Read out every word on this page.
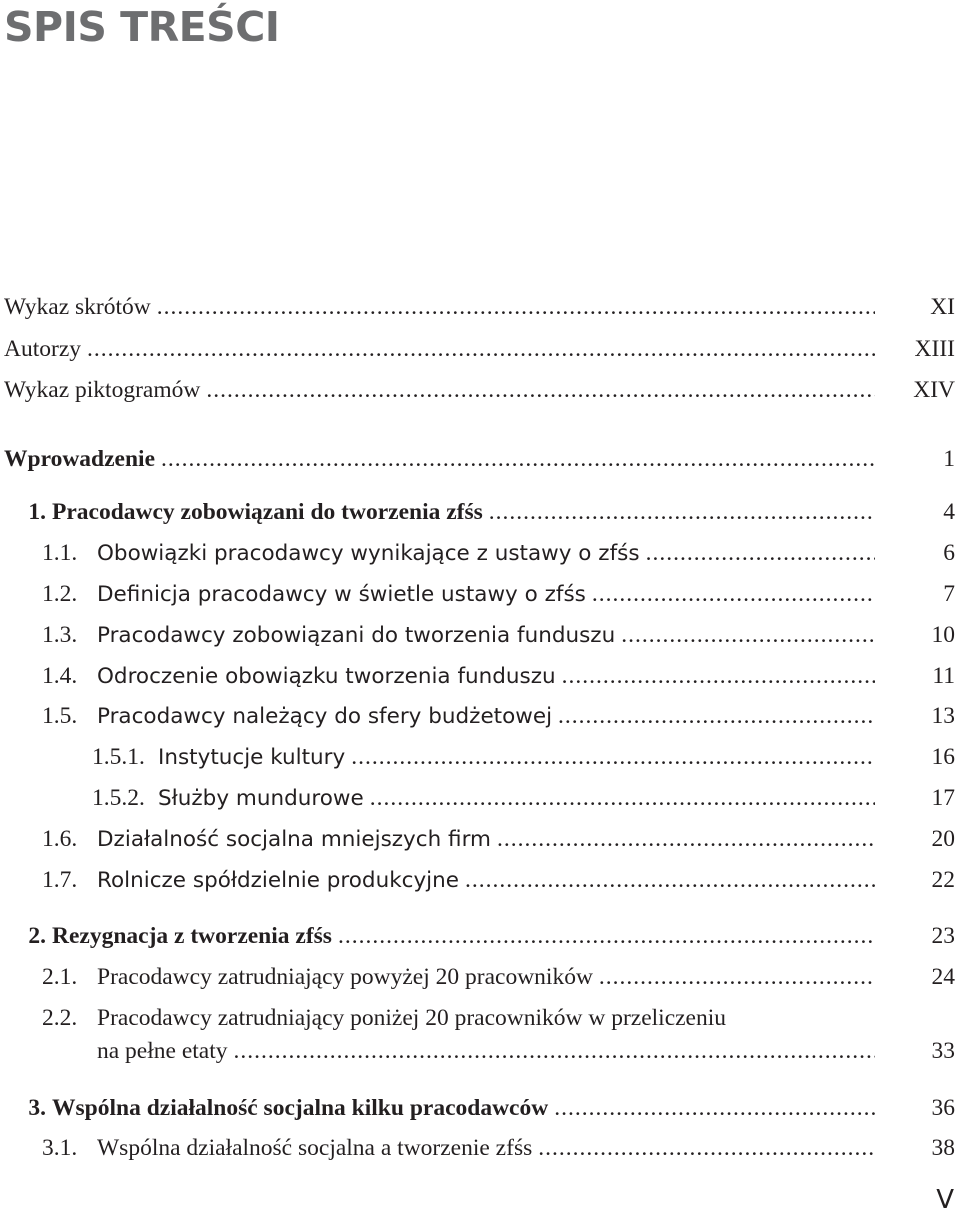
SPIS TREŚCI
Wykaz skrótów .....	XI
Autorzy .....	XIII
Wykaz piktogramów .....	XIV
Wprowadzenie .....	1
1. Pracodawcy zobowiązani do tworzenia zfśs .....	4
1.1. Obowiązki pracodawcy wynikające z ustawy o zfśs .....	6
1.2. Definicja pracodawcy w świetle ustawy o zfśs .....	7
1.3. Pracodawcy zobowiązani do tworzenia funduszu .....	10
1.4. Odroczenie obowiązku tworzenia funduszu .....	11
1.5. Pracodawcy należący do sfery budżetowej .....	13
1.5.1. Instytucje kultury .....	16
1.5.2. Służby mundurowe .....	17
1.6. Działalność socjalna mniejszych firm .....	20
1.7. Rolnicze spółdzielnie produkcyjne .....	22
2. Rezygnacja z tworzenia zfśs .....	23
2.1. Pracodawcy zatrudniający powyżej 20 pracowników .....	24
2.2. Pracodawcy zatrudniający poniżej 20 pracowników w przeliczeniu
na pełne etaty .....	33
3. Wspólna działalność socjalna kilku pracodawców .....	36
3.1. Wspólna działalność socjalna a tworzenie zfśs .....	38
V
